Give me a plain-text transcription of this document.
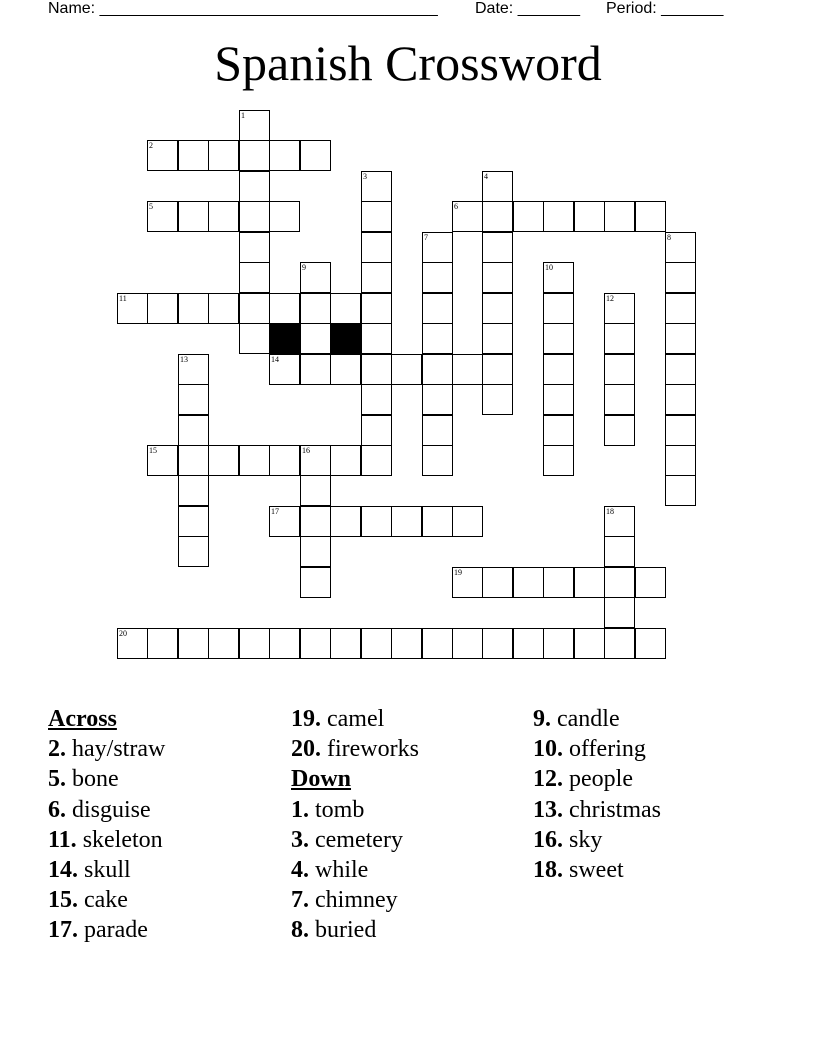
Name: ______________________________________ Date: _______ Period: _______
Spanish Crossword
1
2
3	4
5	6
7	8
9	10
11	12
13	14
15	16
17	18
19
20
Across
2. hay/straw
5. bone
6. disguise
11. skeleton
14. skull
15. cake
17. parade
19. camel
20. fireworks
Down
1. tomb
3. cemetery
4. while
7. chimney
8. buried
9. candle
10. offering
12. people
13. christmas
16. sky
18. sweet
